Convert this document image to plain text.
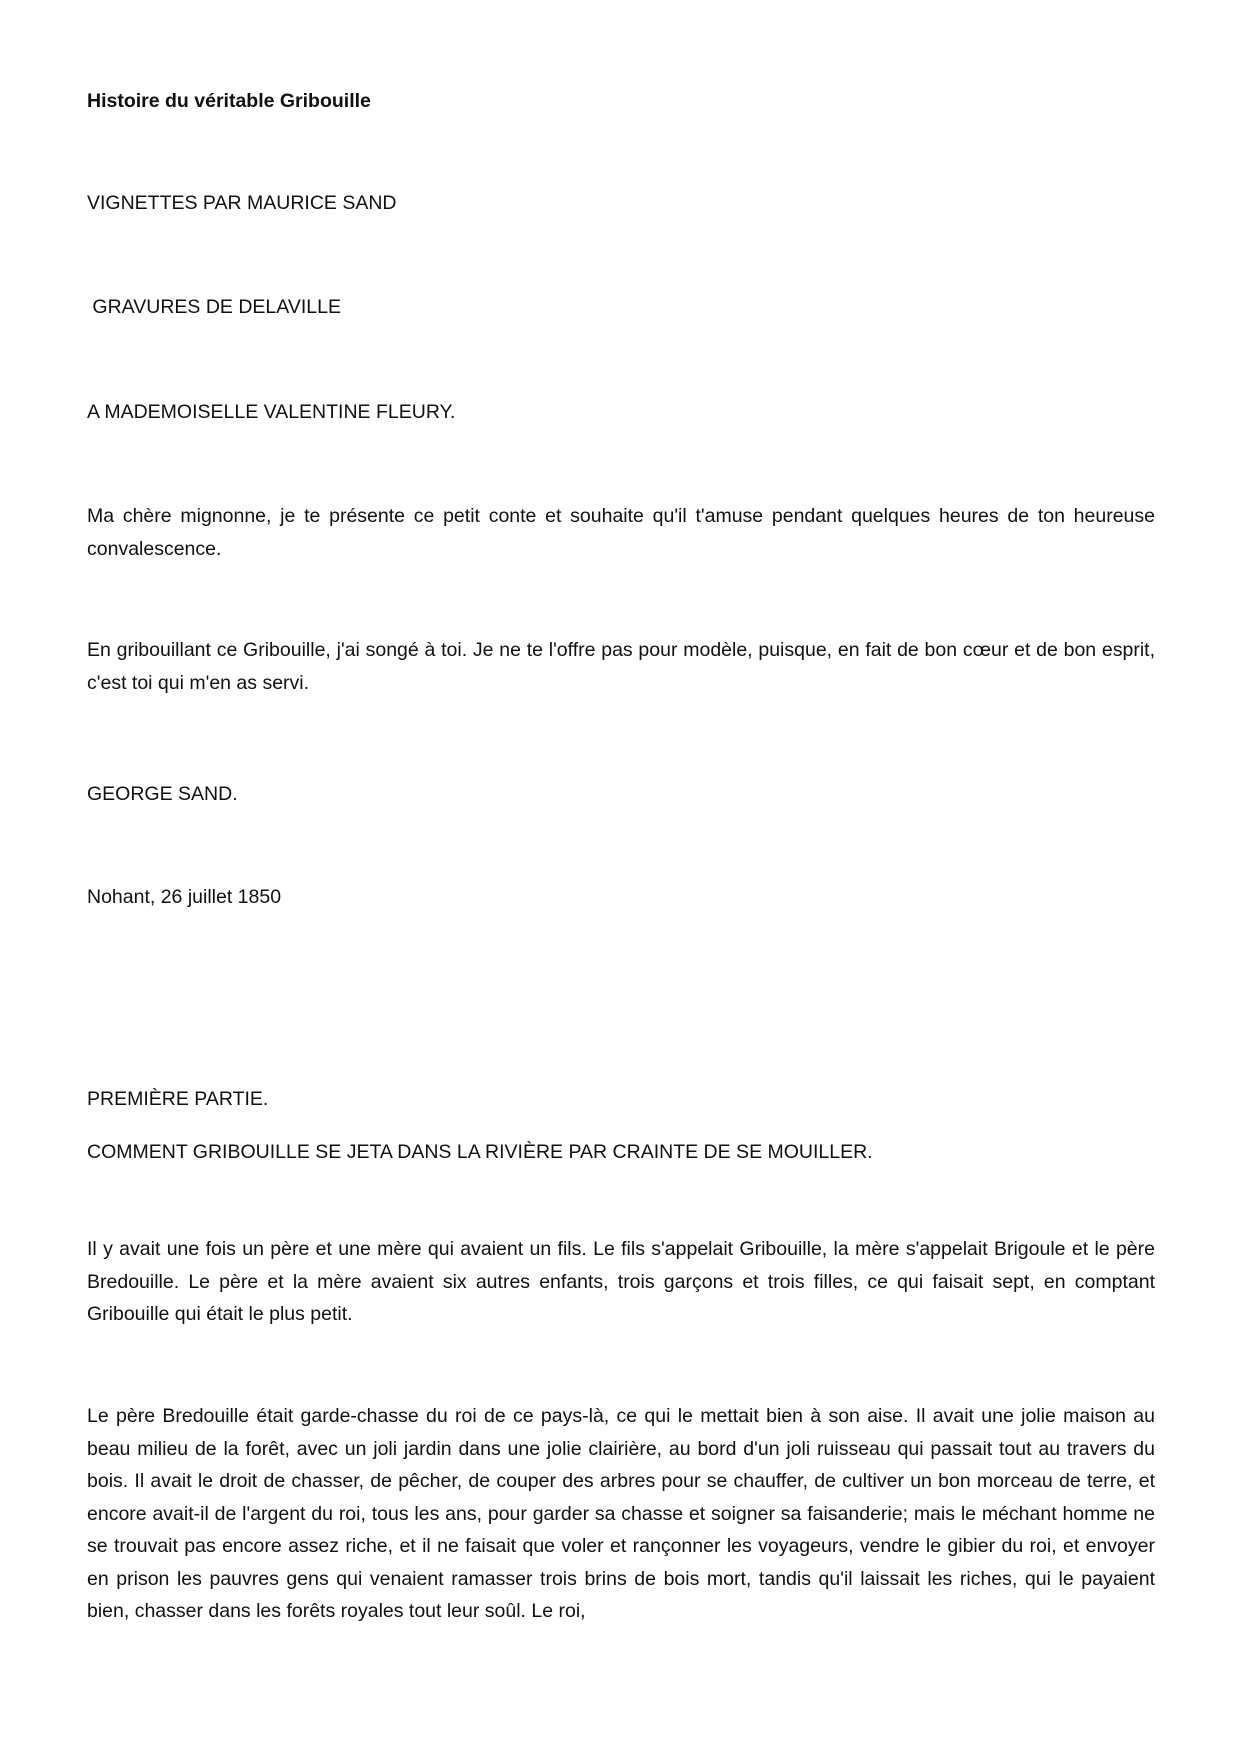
Histoire du véritable Gribouille
VIGNETTES PAR MAURICE SAND
GRAVURES DE DELAVILLE
A MADEMOISELLE VALENTINE FLEURY.

Ma chère mignonne, je te présente ce petit conte et souhaite qu'il t'amuse pendant quelques heures de ton heureuse convalescence.

En gribouillant ce Gribouille, j'ai songé à toi. Je ne te l'offre pas pour modèle, puisque, en fait de bon cœur et de bon esprit, c'est toi qui m'en as servi.

GEORGE SAND.
Nohant, 26 juillet 1850
PREMIÈRE PARTIE.
COMMENT GRIBOUILLE SE JETA DANS LA RIVIÈRE PAR CRAINTE DE SE MOUILLER.

Il y avait une fois un père et une mère qui avaient un fils. Le fils s'appelait Gribouille, la mère s'appelait Brigoule et le père Bredouille. Le père et la mère avaient six autres enfants, trois garçons et trois filles, ce qui faisait sept, en comptant Gribouille qui était le plus petit.

Le père Bredouille était garde-chasse du roi de ce pays-là, ce qui le mettait bien à son aise. Il avait une jolie maison au beau milieu de la forêt, avec un joli jardin dans une jolie clairière, au bord d'un joli ruisseau qui passait tout au travers du bois. Il avait le droit de chasser, de pêcher, de couper des arbres pour se chauffer, de cultiver un bon morceau de terre, et encore avait-il de l'argent du roi, tous les ans, pour garder sa chasse et soigner sa faisanderie; mais le méchant homme ne se trouvait pas encore assez riche, et il ne faisait que voler et rançonner les voyageurs, vendre le gibier du roi, et envoyer en prison les pauvres gens qui venaient ramasser trois brins de bois mort, tandis qu'il laissait les riches, qui le payaient bien, chasser dans les forêts royales tout leur soûl. Le roi,
